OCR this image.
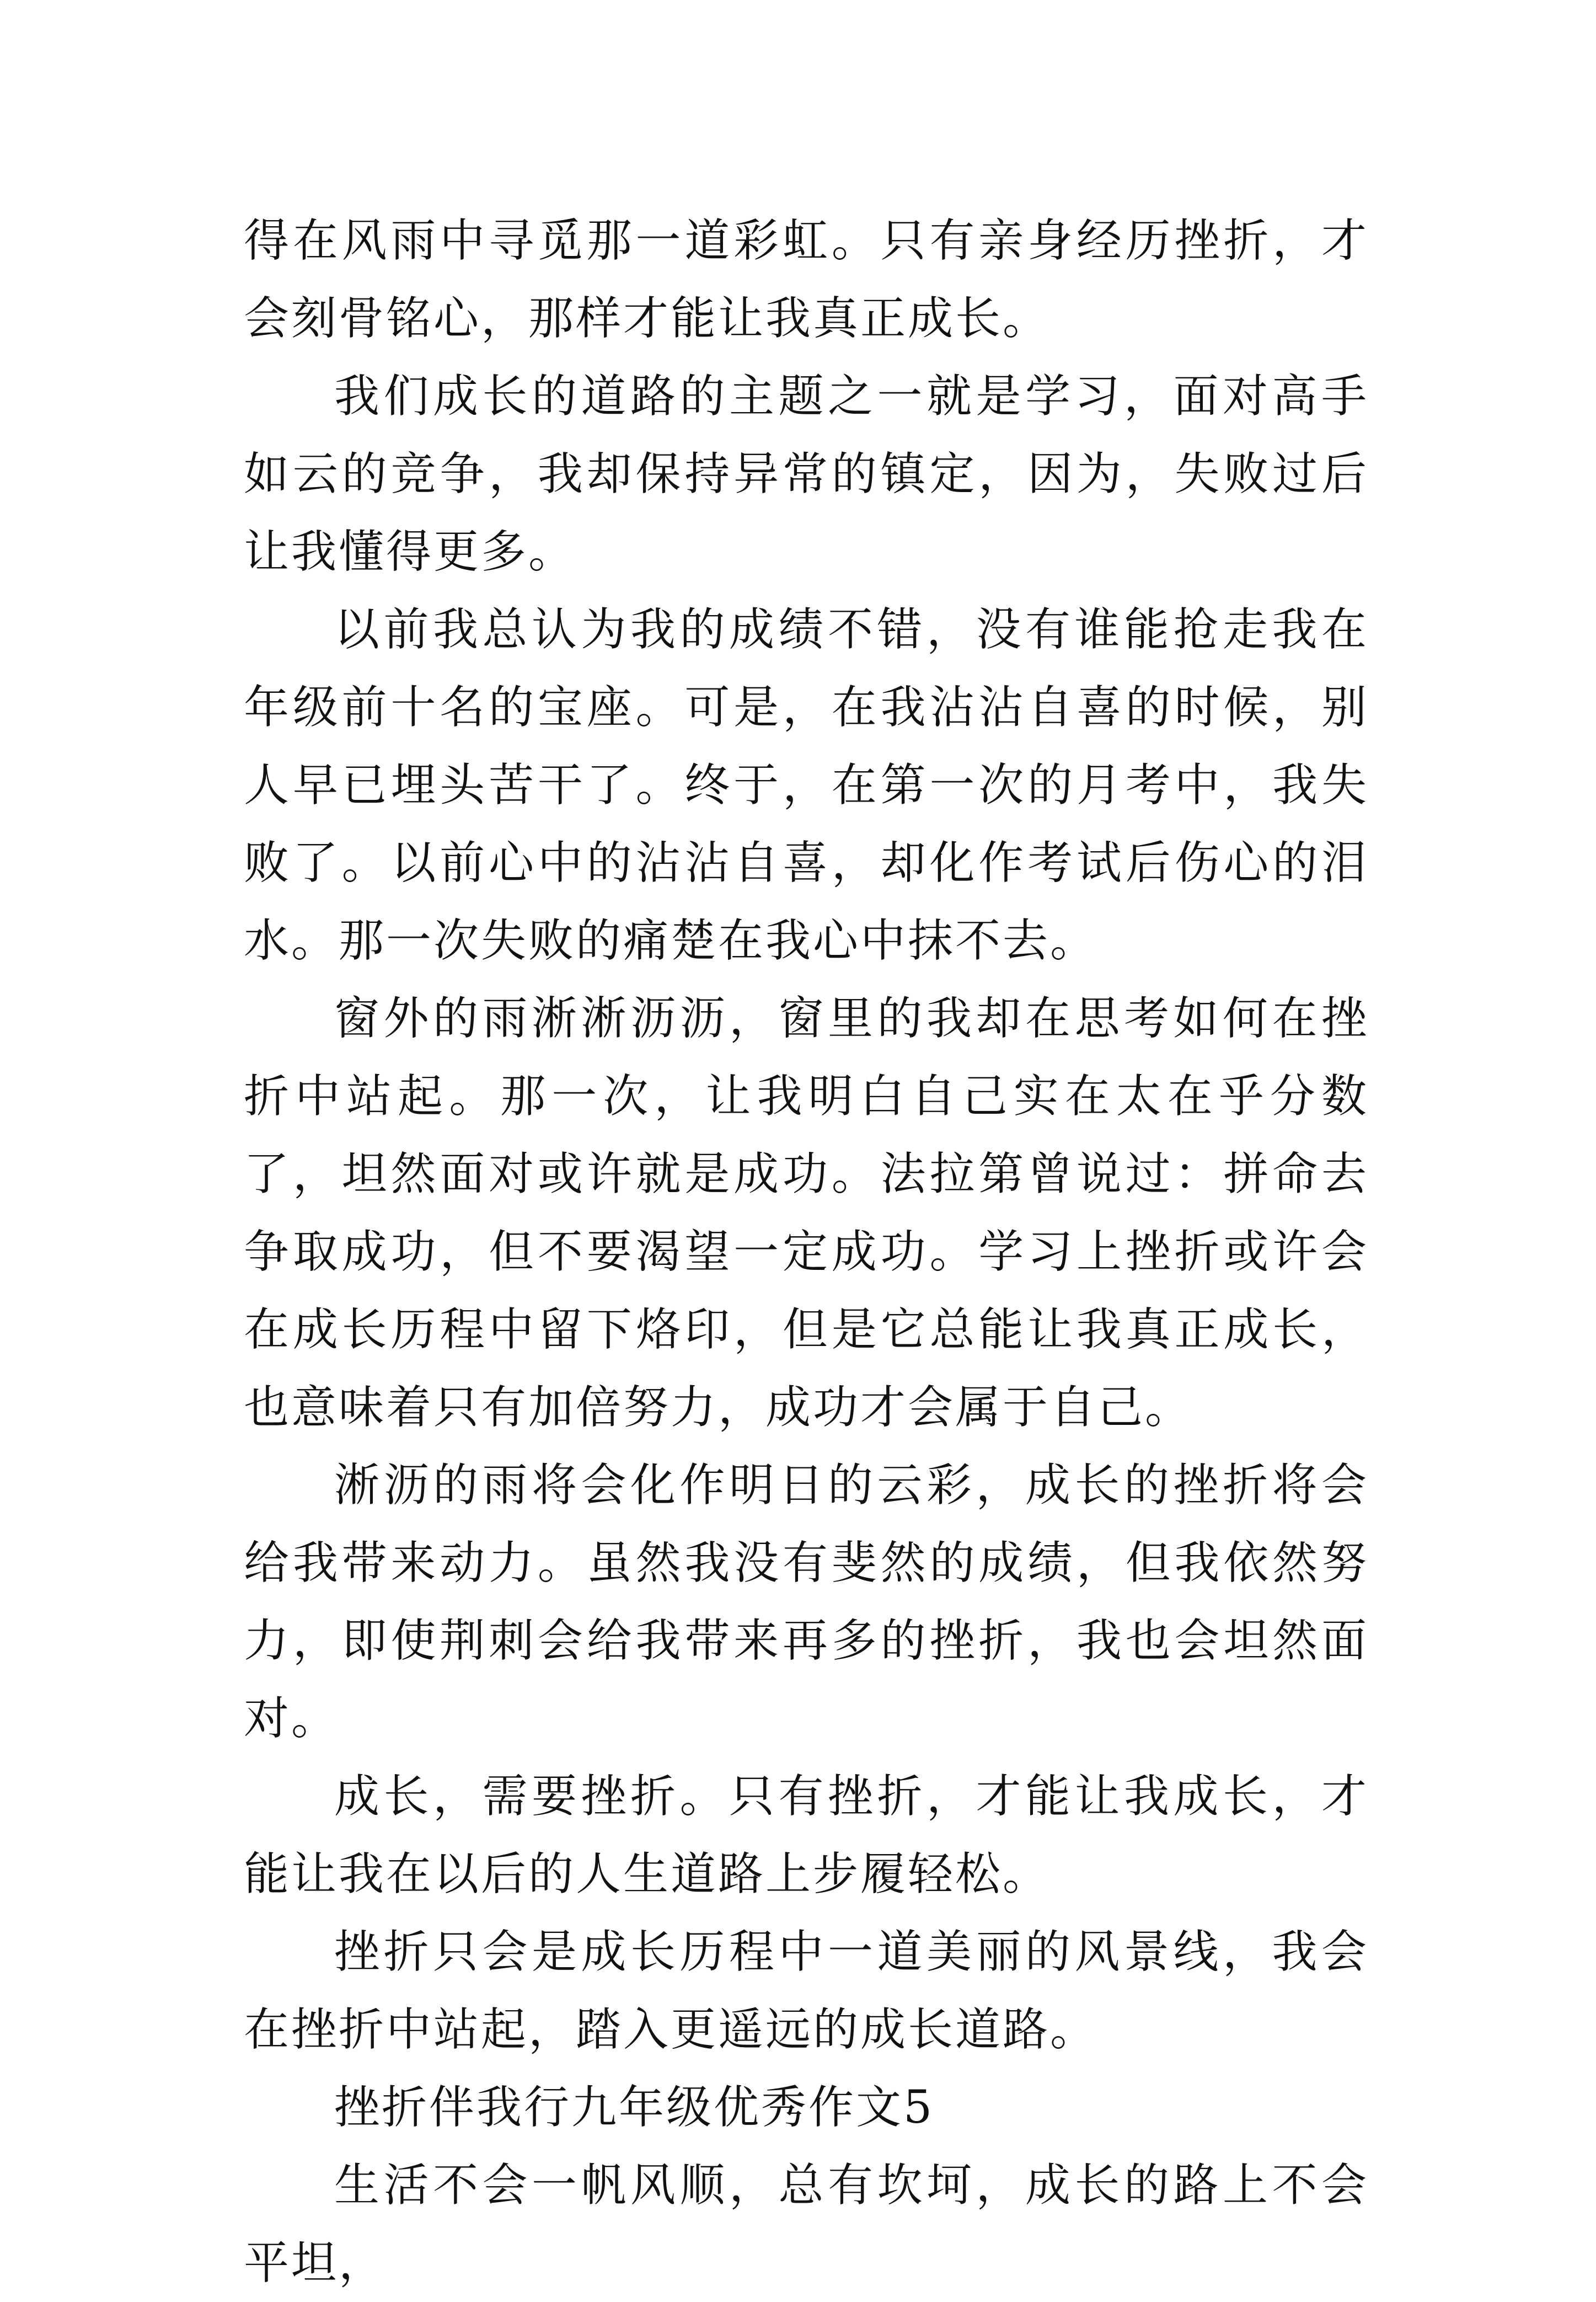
得在风雨中寻觅那一道彩虹。只有亲身经历挫折，才会刻骨铭心，那样才能让我真正成长。

我们成长的道路的主题之一就是学习，面对高手如云的竞争，我却保持异常的镇定，因为，失败过后让我懂得更多。

以前我总认为我的成绩不错，没有谁能抢走我在年级前十名的宝座。可是，在我沾沾自喜的时候，别人早已埋头苦干了。终于，在第一次的月考中，我失败了。以前心中的沾沾自喜，却化作考试后伤心的泪水。那一次失败的痛楚在我心中抹不去。

窗外的雨淅淅沥沥，窗里的我却在思考如何在挫折中站起。那一次，让我明白自己实在太在乎分数了，坦然面对或许就是成功。法拉第曾说过：拼命去争取成功，但不要渴望一定成功。学习上挫折或许会在成长历程中留下烙印，但是它总能让我真正成长，也意味着只有加倍努力，成功才会属于自己。

淅沥的雨将会化作明日的云彩，成长的挫折将会给我带来动力。虽然我没有斐然的成绩，但我依然努力，即使荆刺会给我带来再多的挫折，我也会坦然面对。

成长，需要挫折。只有挫折，才能让我成长，才能让我在以后的人生道路上步履轻松。

挫折只会是成长历程中一道美丽的风景线，我会在挫折中站起，踏入更遥远的成长道路。

挫折伴我行九年级优秀作文5

生活不会一帆风顺，总有坎坷，成长的路上不会平坦，
